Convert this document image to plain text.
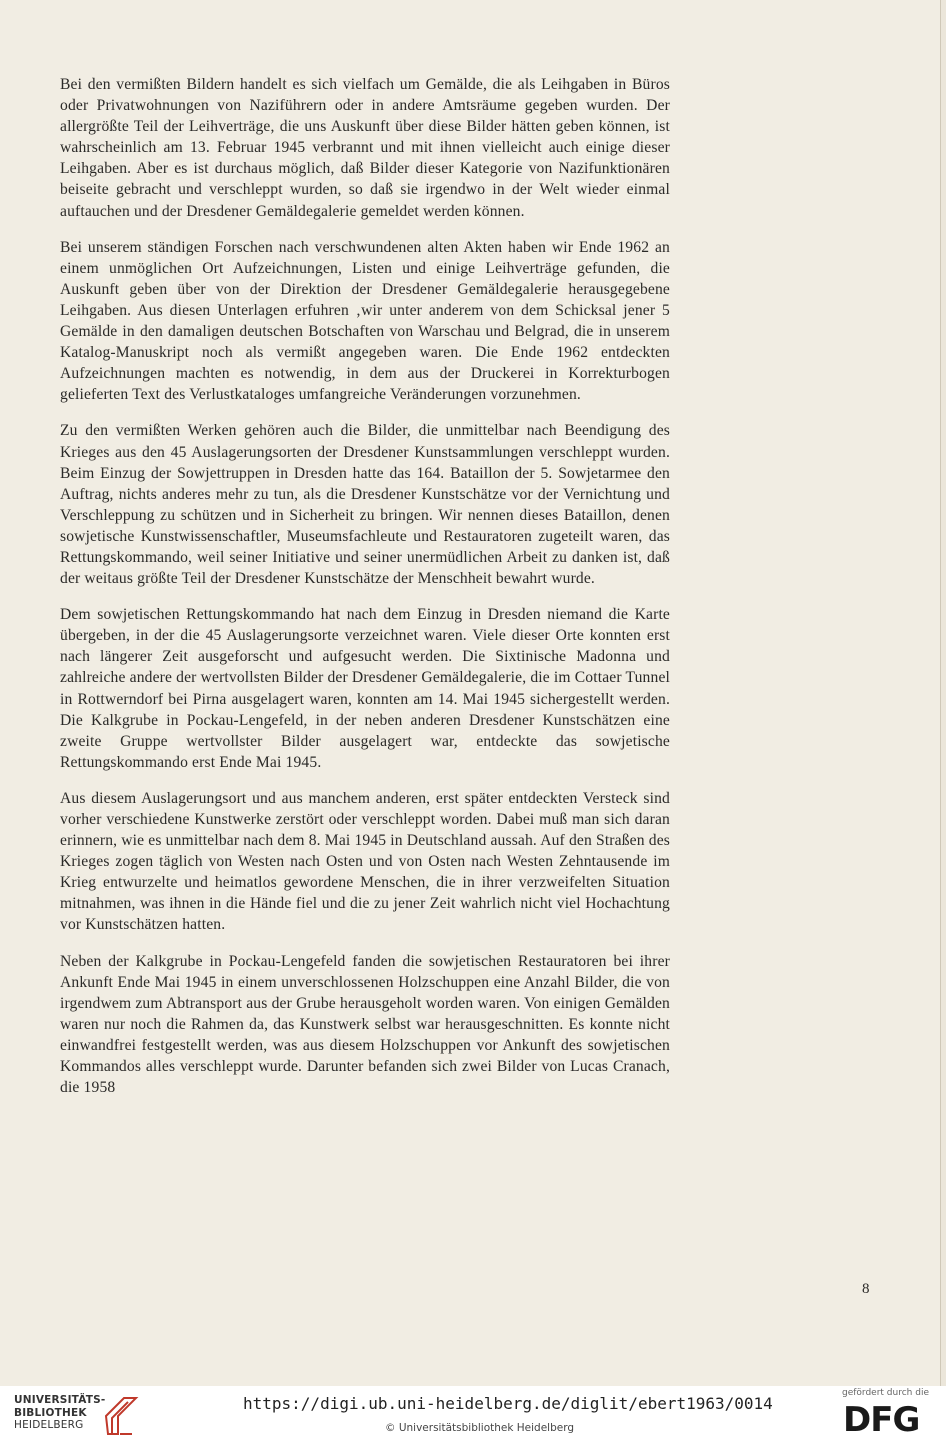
Bei den vermißten Bildern handelt es sich vielfach um Gemälde, die als Leihgaben in Büros oder Privatwohnungen von Naziführern oder in andere Amtsräume gegeben wurden. Der allergrößte Teil der Leihverträge, die uns Auskunft über diese Bilder hätten geben können, ist wahrscheinlich am 13. Februar 1945 verbrannt und mit ihnen vielleicht auch einige dieser Leihgaben. Aber es ist durchaus möglich, daß Bilder dieser Kategorie von Nazifunktionären beiseite gebracht und verschleppt wurden, so daß sie irgendwo in der Welt wieder einmal auftauchen und der Dresdener Gemäldegalerie gemeldet werden können.

Bei unserem ständigen Forschen nach verschwundenen alten Akten haben wir Ende 1962 an einem unmöglichen Ort Aufzeichnungen, Listen und einige Leihverträge gefunden, die Auskunft geben über von der Direktion der Dresdener Gemäldegalerie herausgegebene Leihgaben. Aus diesen Unterlagen erfuhren ‚wir unter anderem von dem Schicksal jener 5 Gemälde in den damaligen deutschen Botschaften von Warschau und Belgrad, die in unserem Katalog-Manuskript noch als vermißt angegeben waren. Die Ende 1962 entdeckten Aufzeichnungen machten es notwendig, in dem aus der Druckerei in Korrekturbogen gelieferten Text des Verlustkataloges umfangreiche Veränderungen vorzunehmen.

Zu den vermißten Werken gehören auch die Bilder, die unmittelbar nach Beendigung des Krieges aus den 45 Auslagerungsorten der Dresdener Kunstsammlungen verschleppt wurden. Beim Einzug der Sowjettruppen in Dresden hatte das 164. Bataillon der 5. Sowjetarmee den Auftrag, nichts anderes mehr zu tun, als die Dresdener Kunstschätze vor der Vernichtung und Verschleppung zu schützen und in Sicherheit zu bringen. Wir nennen dieses Bataillon, denen sowjetische Kunstwissenschaftler, Museumsfachleute und Restauratoren zugeteilt waren, das Rettungskommando, weil seiner Initiative und seiner unermüdlichen Arbeit zu danken ist, daß der weitaus größte Teil der Dresdener Kunstschätze der Menschheit bewahrt wurde.

Dem sowjetischen Rettungskommando hat nach dem Einzug in Dresden niemand die Karte übergeben, in der die 45 Auslagerungsorte verzeichnet waren. Viele dieser Orte konnten erst nach längerer Zeit ausgeforscht und aufgesucht werden. Die Sixtinische Madonna und zahlreiche andere der wertvollsten Bilder der Dresdener Gemäldegalerie, die im Cottaer Tunnel in Rottwerndorf bei Pirna ausgelagert waren, konnten am 14. Mai 1945 sichergestellt werden. Die Kalkgrube in Pockau-Lengefeld, in der neben anderen Dresdener Kunstschätzen eine zweite Gruppe wertvollster Bilder ausgelagert war, entdeckte das sowjetische Rettungskommando erst Ende Mai 1945.

Aus diesem Auslagerungsort und aus manchem anderen, erst später entdeckten Versteck sind vorher verschiedene Kunstwerke zerstört oder verschleppt worden. Dabei muß man sich daran erinnern, wie es unmittelbar nach dem 8. Mai 1945 in Deutschland aussah. Auf den Straßen des Krieges zogen täglich von Westen nach Osten und von Osten nach Westen Zehntausende im Krieg entwurzelte und heimatlos gewordene Menschen, die in ihrer verzweifelten Situation mitnahmen, was ihnen in die Hände fiel und die zu jener Zeit wahrlich nicht viel Hochachtung vor Kunstschätzen hatten.

Neben der Kalkgrube in Pockau-Lengefeld fanden die sowjetischen Restauratoren bei ihrer Ankunft Ende Mai 1945 in einem unverschlossenen Holzschuppen eine Anzahl Bilder, die von irgendwem zum Abtransport aus der Grube herausgeholt worden waren. Von einigen Gemälden waren nur noch die Rahmen da, das Kunstwerk selbst war herausgeschnitten. Es konnte nicht einwandfrei festgestellt werden, was aus diesem Holzschuppen vor Ankunft des sowjetischen Kommandos alles verschleppt wurde. Darunter befanden sich zwei Bilder von Lucas Cranach, die 1958

8
UNIVERSITÄTS-
BIBLIOTHEK
HEIDELBERG
https://digi.ub.uni-heidelberg.de/diglit/ebert1963/0014
© Universitätsbibliothek Heidelberg
gefördert durch die
DFG
